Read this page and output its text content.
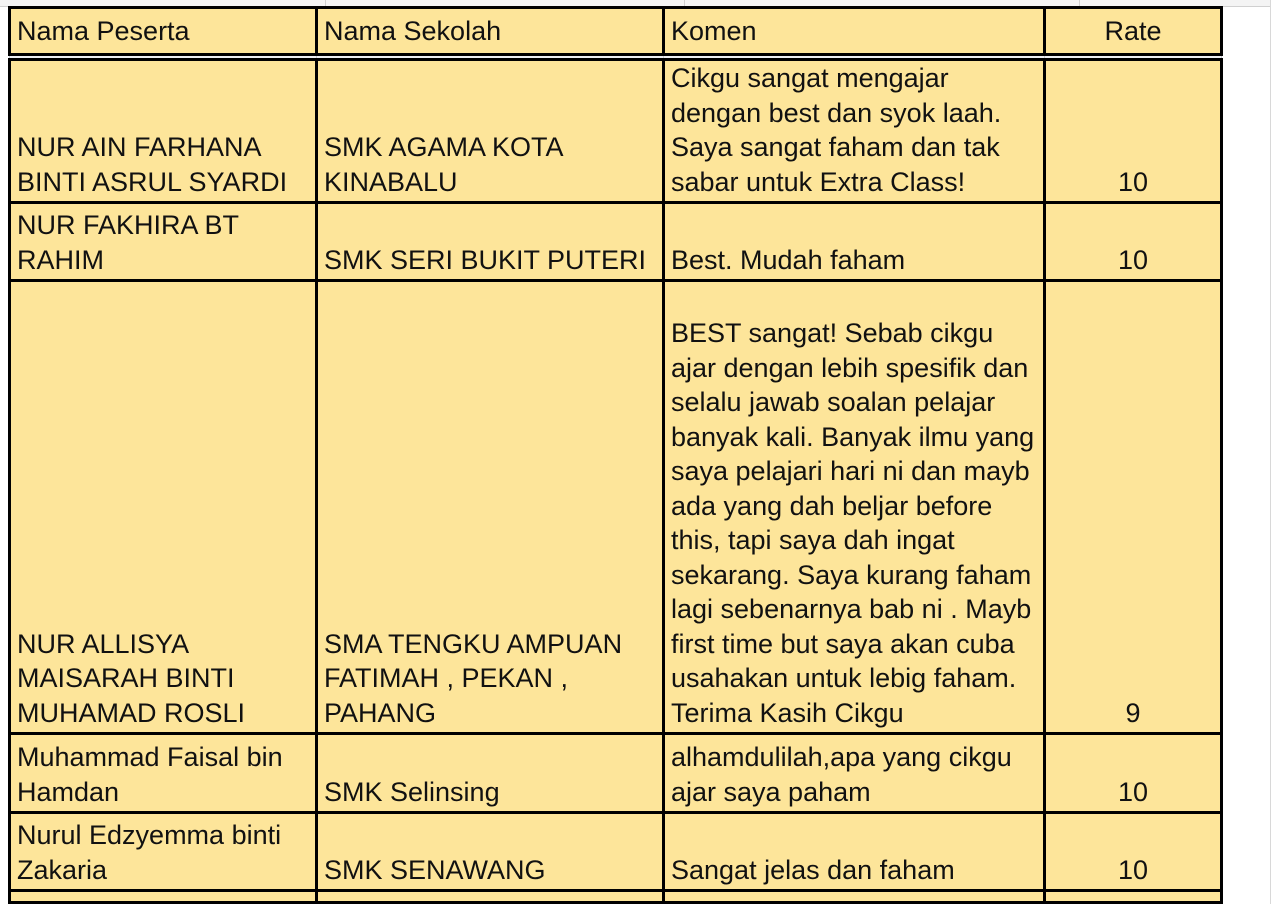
Nama Peserta	Nama Sekolah	Komen	Rate

NUR AIN FARHANA BINTI ASRUL SYARDI	SMK AGAMA KOTA KINABALU	Cikgu sangat mengajar dengan best dan syok laah. Saya sangat faham dan tak sabar untuk Extra Class!	10
NUR FAKHIRA BT RAHIM	SMK SERI BUKIT PUTERI	Best. Mudah faham	10
NUR ALLISYA MAISARAH BINTI MUHAMAD ROSLI	SMA TENGKU AMPUAN FATIMAH , PEKAN , PAHANG	BEST sangat! Sebab cikgu ajar dengan lebih spesifik dan selalu jawab soalan pelajar banyak kali. Banyak ilmu yang saya pelajari hari ni dan mayb ada yang dah beljar before this, tapi saya dah ingat sekarang. Saya kurang faham lagi sebenarnya bab ni . Mayb first time but saya akan cuba usahakan untuk lebig faham. Terima Kasih Cikgu	9
Muhammad Faisal bin Hamdan	SMK Selinsing	alhamdulilah,apa yang cikgu ajar saya paham	10
Nurul Edzyemma binti Zakaria	SMK SENAWANG	Sangat jelas dan faham	10
